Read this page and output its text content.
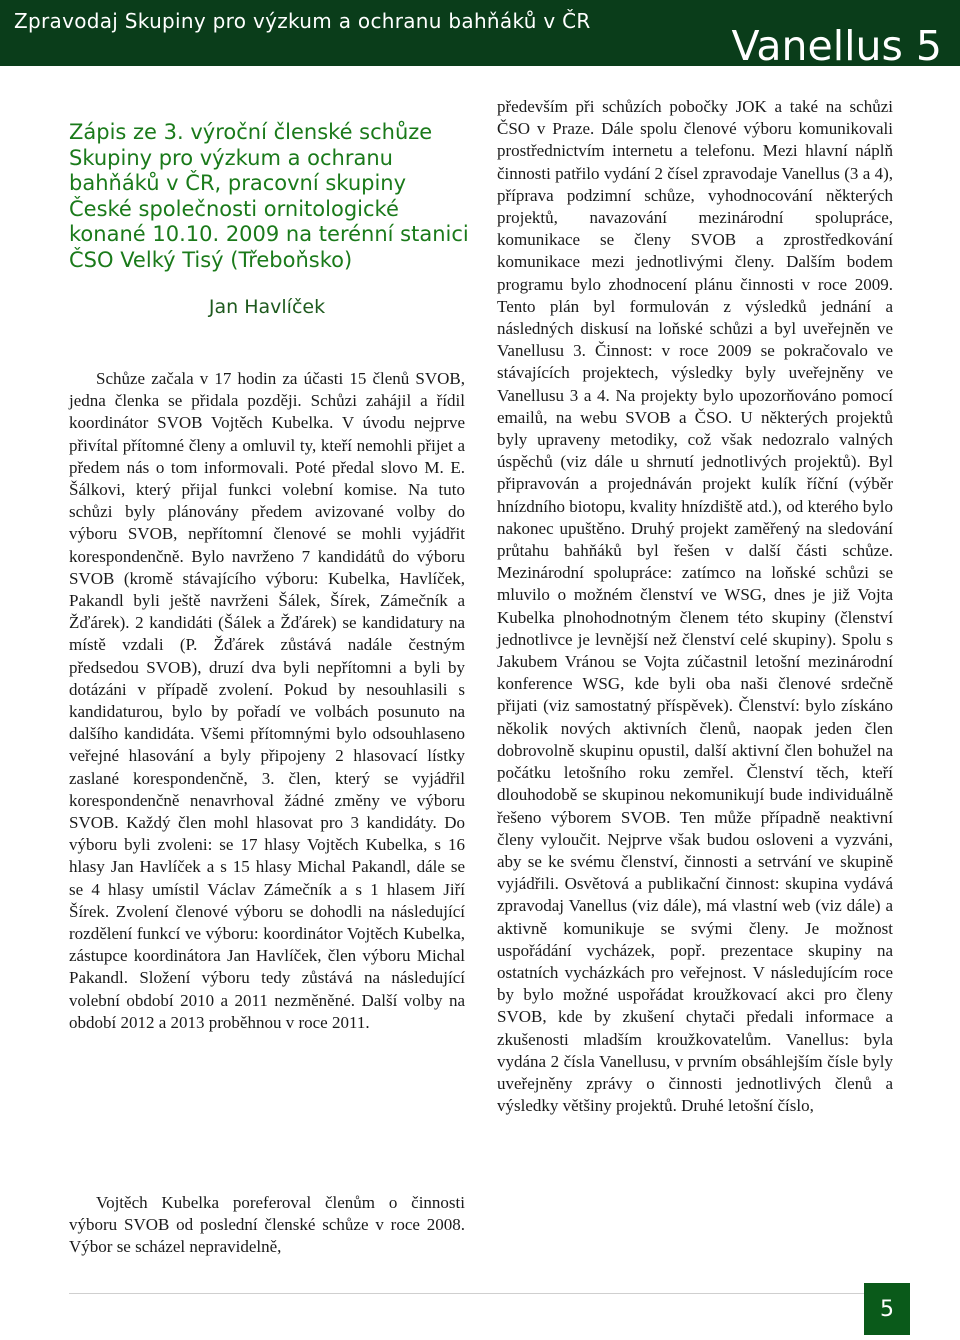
Zpravodaj Skupiny pro výzkum a ochranu bahňáků v ČR
Vanellus 5
Zápis ze 3. výroční členské schůze Skupiny pro výzkum a ochranu bahňáků v ČR, pracovní skupiny České společnosti ornitologické konané 10.10. 2009 na terénní stanici ČSO Velký Tisý (Třeboňsko)
Jan Havlíček

Schůze začala v 17 hodin za účasti 15 členů SVOB, jedna členka se přidala později. Schůzi zahájil a řídil koordinátor SVOB Vojtěch Kubelka. V úvodu nejprve přivítal přítomné členy a omluvil ty, kteří nemohli přijet a předem nás o tom informovali. Poté předal slovo M. E. Šálkovi, který přijal funkci volební komise. Na tuto schůzi byly plánovány předem avizované volby do výboru SVOB, nepřítomní členové se mohli vyjádřit korespondenčně. Bylo navrženo 7 kandidátů do výboru SVOB (kromě stávajícího výboru: Kubelka, Havlíček, Pakandl byli ještě navrženi Šálek, Šírek, Zámečník a Žďárek). 2 kandidáti (Šálek a Žďárek) se kandidatury na místě vzdali (P. Žďárek zůstává nadále čestným předsedou SVOB), druzí dva byli nepřítomni a byli by dotázáni v případě zvolení. Pokud by nesouhlasili s kandidaturou, bylo by pořadí ve volbách posunuto na dalšího kandidáta. Všemi přítomnými bylo odsouhlaseno veřejné hlasování a byly připojeny 2 hlasovací lístky zaslané korespondenčně, 3. člen, který se vyjádřil korespondenčně nenavrhoval žádné změny ve výboru SVOB. Každý člen mohl hlasovat pro 3 kandidáty. Do výboru byli zvoleni: se 17 hlasy Vojtěch Kubelka, s 16 hlasy Jan Havlíček a s 15 hlasy Michal Pakandl, dále se se 4 hlasy umístil Václav Zámečník a s 1 hlasem Jiří Šírek. Zvolení členové výboru se dohodli na následující rozdělení funkcí ve výboru: koordinátor Vojtěch Kubelka, zástupce koordinátora Jan Havlíček, člen výboru Michal Pakandl. Složení výboru tedy zůstává na následující volební období 2010 a 2011 nezměněné. Další volby na období 2012 a 2013 proběhnou v roce 2011.

Vojtěch Kubelka poreferoval členům o činnosti výboru SVOB od poslední členské schůze v roce 2008. Výbor se scházel nepravidelně,

především při schůzích pobočky JOK a také na schůzi ČSO v Praze. Dále spolu členové výboru komunikovali prostřednictvím internetu a telefonu. Mezi hlavní náplň činnosti patřilo vydání 2 čísel zpravodaje Vanellus (3 a 4), příprava podzimní schůze, vyhodnocování některých projektů, navazování mezinárodní spolupráce, komunikace se členy SVOB a zprostředkování komunikace mezi jednotlivými členy. Dalším bodem programu bylo zhodnocení plánu činnosti v roce 2009. Tento plán byl formulován z výsledků jednání a následných diskusí na loňské schůzi a byl uveřejněn ve Vanellusu 3. Činnost: v roce 2009 se pokračovalo ve stávajících projektech, výsledky byly uveřejněny ve Vanellusu 3 a 4. Na projekty bylo upozorňováno pomocí emailů, na webu SVOB a ČSO. U některých projektů byly upraveny metodiky, což však nedozralo valných úspěchů (viz dále u shrnutí jednotlivých projektů). Byl připravován a projednáván projekt kulík říční (výběr hnízdního biotopu, kvality hnízdiště atd.), od kterého bylo nakonec upuštěno. Druhý projekt zaměřený na sledování průtahu bahňáků byl řešen v další části schůze. Mezinárodní spolupráce: zatímco na loňské schůzi se mluvilo o možném členství ve WSG, dnes je již Vojta Kubelka plnohodnotným členem této skupiny (členství jednotlivce je levnější než členství celé skupiny). Spolu s Jakubem Vránou se Vojta zúčastnil letošní mezinárodní konference WSG, kde byli oba naši členové srdečně přijati (viz samostatný příspěvek). Členství: bylo získáno několik nových aktivních členů, naopak jeden člen dobrovolně skupinu opustil, další aktivní člen bohužel na počátku letošního roku zemřel. Členství těch, kteří dlouhodobě se skupinou nekomunikují bude individuálně řešeno výborem SVOB. Ten může případně neaktivní členy vyloučit. Nejprve však budou osloveni a vyzváni, aby se ke svému členství, činnosti a setrvání ve skupině vyjádřili. Osvětová a publikační činnost: skupina vydává zpravodaj Vanellus (viz dále), má vlastní web (viz dále) a aktivně komunikuje se svými členy. Je možnost uspořádání vycházek, popř. prezentace skupiny na ostatních vycházkách pro veřejnost. V následujícím roce by bylo možné uspořádat kroužkovací akci pro členy SVOB, kde by zkušení chytači předali informace a zkušenosti mladším kroužkovatelům. Vanellus: byla vydána 2 čísla Vanellusu, v prvním obsáhlejším čísle byly uveřejněny zprávy o činnosti jednotlivých členů a výsledky většiny projektů. Druhé letošní číslo,

5
